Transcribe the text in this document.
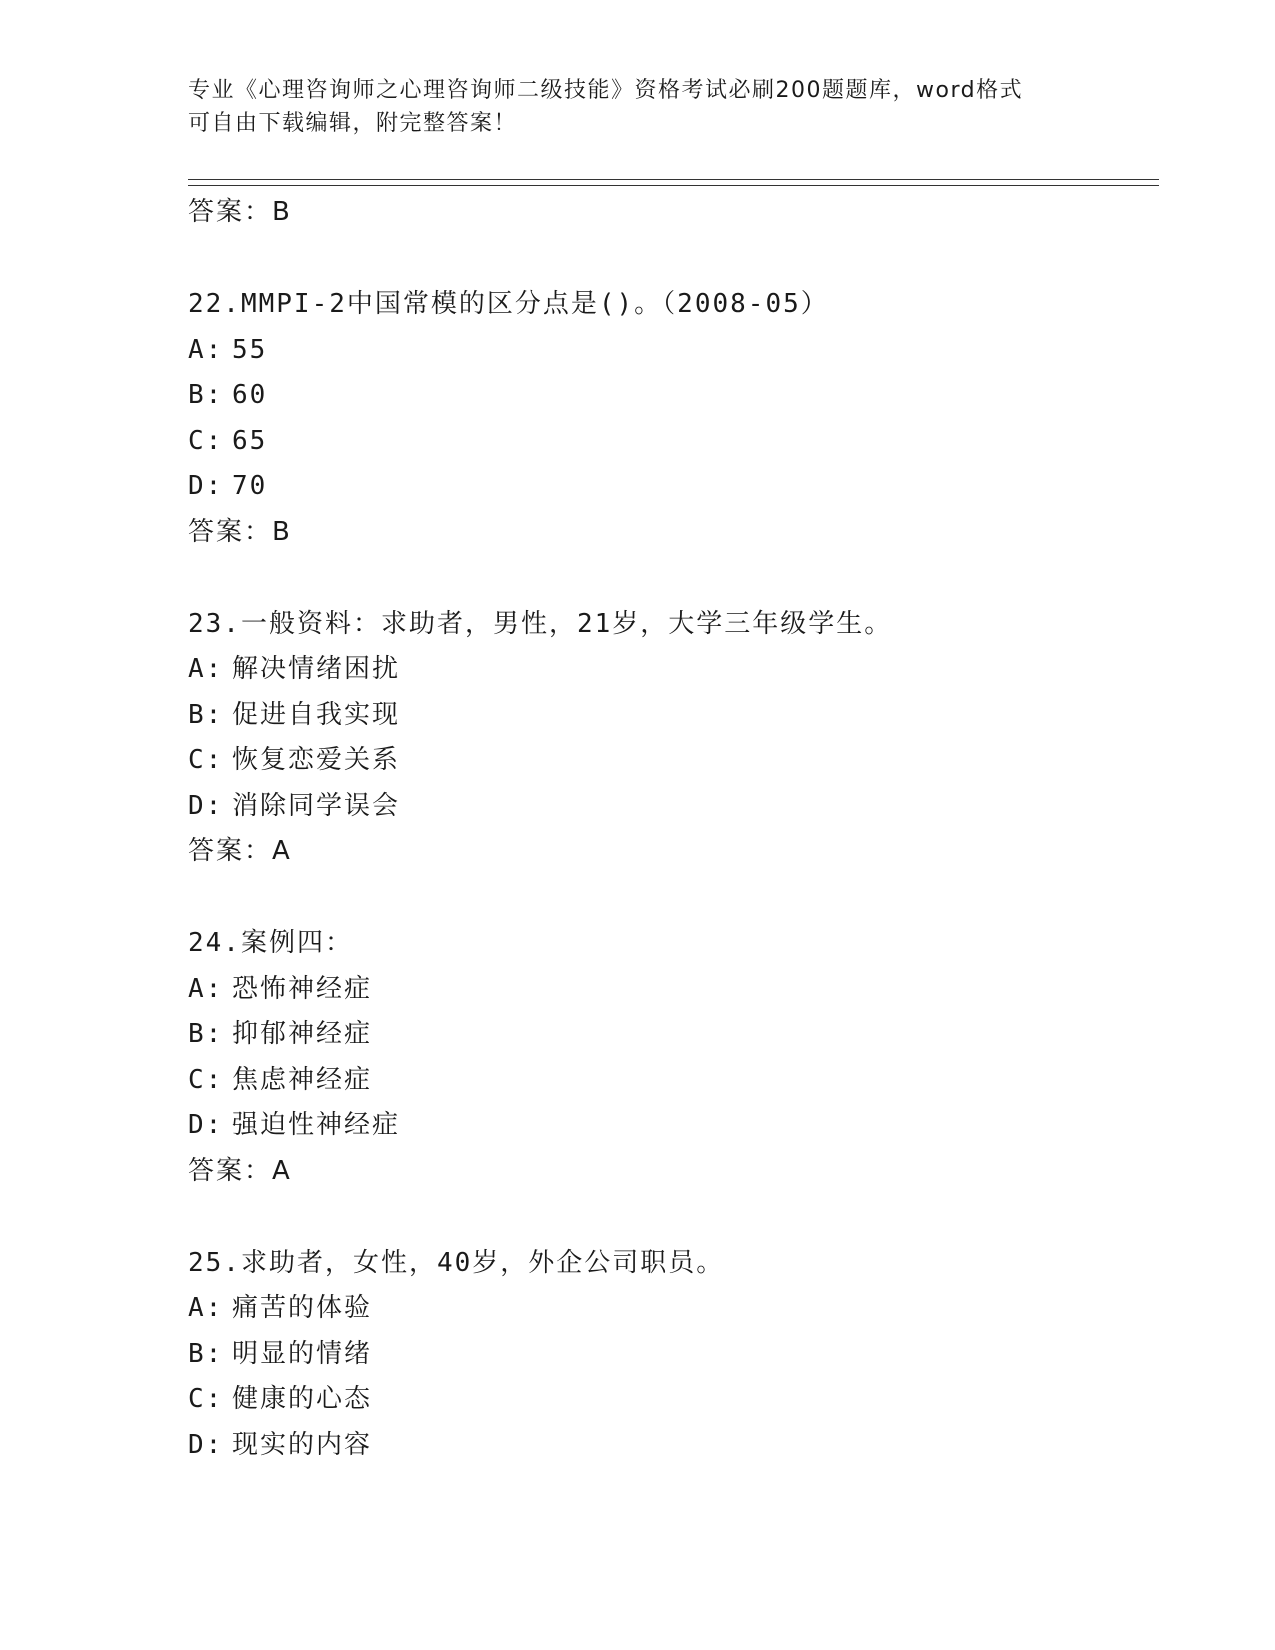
专业《心理咨询师之心理咨询师二级技能》资格考试必刷200题题库，word格式
可自由下载编辑，附完整答案！
答案：B
22.MMPI-2中国常模的区分点是()。（2008-05）
A: 55
B: 60
C: 65
D: 70
答案：B
23.一般资料：求助者，男性，21岁，大学三年级学生。
A: 解决情绪困扰
B: 促进自我实现
C: 恢复恋爱关系
D: 消除同学误会
答案：A
24.案例四：
A: 恐怖神经症
B: 抑郁神经症
C: 焦虑神经症
D: 强迫性神经症
答案：A
25.求助者，女性，40岁，外企公司职员。
A: 痛苦的体验
B: 明显的情绪
C: 健康的心态
D: 现实的内容
